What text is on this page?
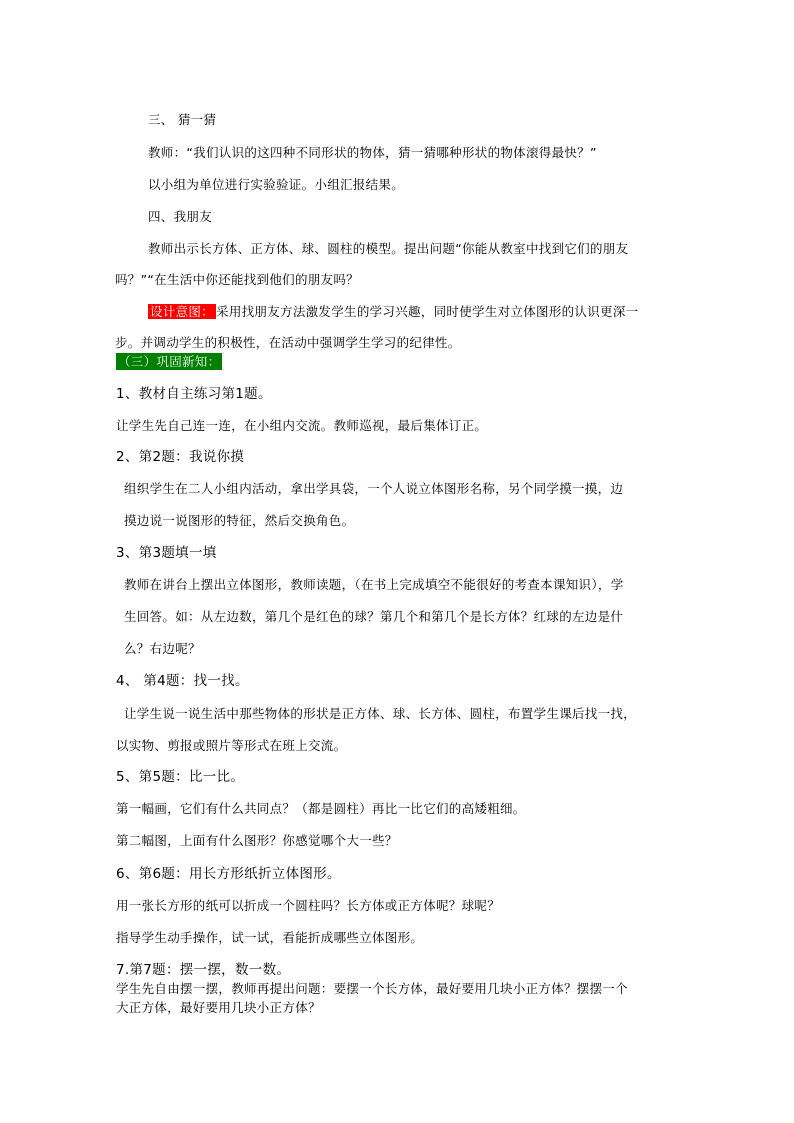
三、 猜一猜
教师：“我们认识的这四种不同形状的物体，猜一猜哪种形状的物体滚得最快？”
以小组为单位进行实验验证。小组汇报结果。
四、我朋友
教师出示长方体、正方体、球、圆柱的模型。提出问题“你能从教室中找到它们的朋友
吗？”“在生活中你还能找到他们的朋友吗？
设计意图： 采用找朋友方法激发学生的学习兴趣，同时使学生对立体图形的认识更深一
步。并调动学生的积极性，在活动中强调学生学习的纪律性。
（三）巩固新知：
1、教材自主练习第1题。
让学生先自己连一连，在小组内交流。教师巡视，最后集体订正。
2、第2题：我说你摸
组织学生在二人小组内活动，拿出学具袋，一个人说立体图形名称，另个同学摸一摸，边
摸边说一说图形的特征，然后交换角色。
3、第3题填一填
教师在讲台上摆出立体图形，教师读题，（在书上完成填空不能很好的考查本课知识），学
生回答。如：从左边数，第几个是红色的球？第几个和第几个是长方体？红球的左边是什
么？右边呢？
4、 第4题：找一找。
让学生说一说生活中那些物体的形状是正方体、球、长方体、圆柱，布置学生课后找一找，
以实物、剪报或照片等形式在班上交流。
5、第5题：比一比。
第一幅画，它们有什么共同点？（都是圆柱）再比一比它们的高矮粗细。
第二幅图，上面有什么图形？你感觉哪个大一些？
6、第6题：用长方形纸折立体图形。
用一张长方形的纸可以折成一个圆柱吗？长方体或正方体呢？球呢？
指导学生动手操作，试一试，看能折成哪些立体图形。
7.第7题：摆一摆，数一数。
学生先自由摆一摆，教师再提出问题：要摆一个长方体，最好要用几块小正方体？摆摆一个
大正方体，最好要用几块小正方体？
